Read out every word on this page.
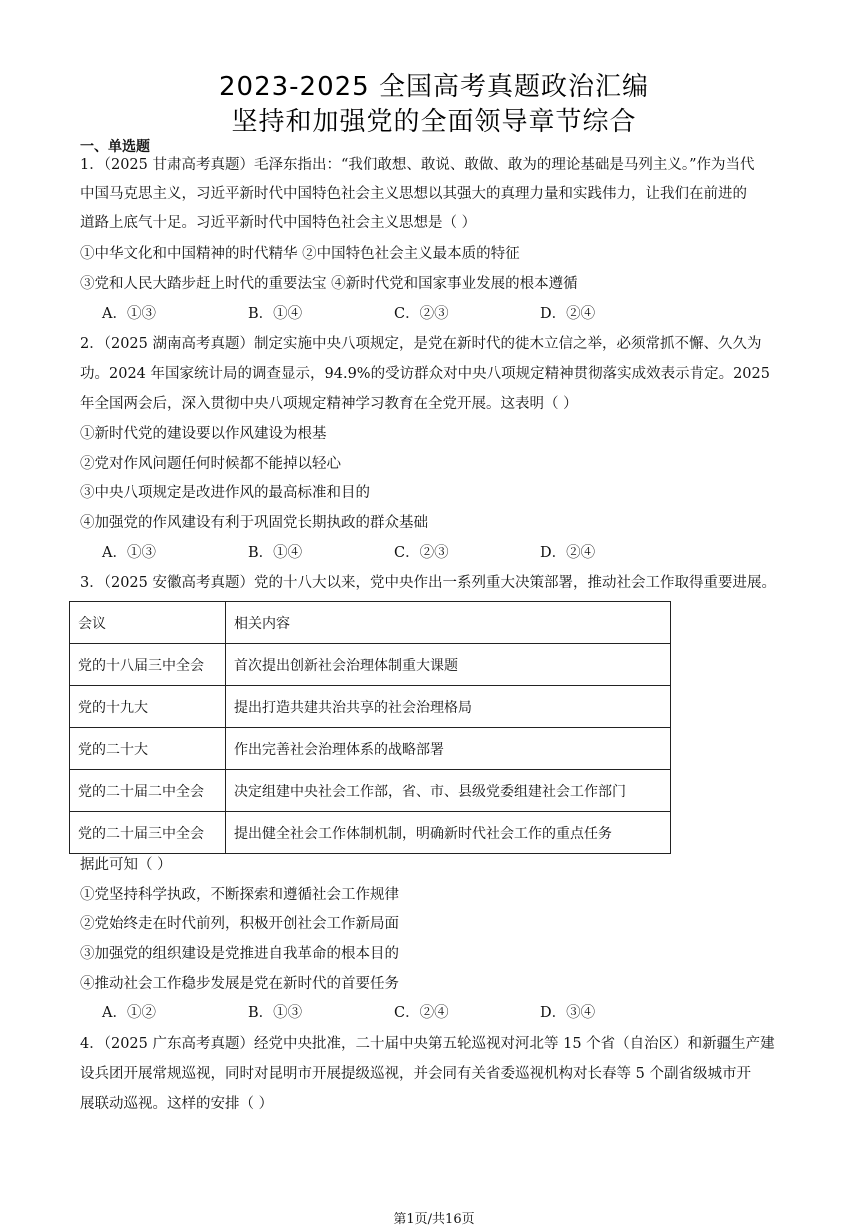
2023-2025 全国高考真题政治汇编
坚持和加强党的全面领导章节综合
一、单选题
1．（2025 甘肃高考真题）毛泽东指出：“我们敢想、敢说、敢做、敢为的理论基础是马列主义。”作为当代
中国马克思主义，习近平新时代中国特色社会主义思想以其强大的真理力量和实践伟力，让我们在前进的
道路上底气十足。习近平新时代中国特色社会主义思想是（ ）
①中华文化和中国精神的时代精华 ②中国特色社会主义最本质的特征
③党和人民大踏步赶上时代的重要法宝 ④新时代党和国家事业发展的根本遵循
A．①③	B．①④	C．②③	D．②④
2．（2025 湖南高考真题）制定实施中央八项规定，是党在新时代的徙木立信之举，必须常抓不懈、久久为
功。2024 年国家统计局的调查显示，94.9%的受访群众对中央八项规定精神贯彻落实成效表示肯定。2025
年全国两会后，深入贯彻中央八项规定精神学习教育在全党开展。这表明（ ）
①新时代党的建设要以作风建设为根基
②党对作风问题任何时候都不能掉以轻心
③中央八项规定是改进作风的最高标准和目的
④加强党的作风建设有利于巩固党长期执政的群众基础
A．①③	B．①④	C．②③	D．②④
3．（2025 安徽高考真题）党的十八大以来，党中央作出一系列重大决策部署，推动社会工作取得重要进展。
会议	相关内容
党的十八届三中全会	首次提出创新社会治理体制重大课题
党的十九大	提出打造共建共治共享的社会治理格局
党的二十大	作出完善社会治理体系的战略部署
党的二十届二中全会	决定组建中央社会工作部，省、市、县级党委组建社会工作部门
党的二十届三中全会	提出健全社会工作体制机制，明确新时代社会工作的重点任务
据此可知（ ）
①党坚持科学执政，不断探索和遵循社会工作规律
②党始终走在时代前列，积极开创社会工作新局面
③加强党的组织建设是党推进自我革命的根本目的
④推动社会工作稳步发展是党在新时代的首要任务
A．①②	B．①③	C．②④	D．③④
4．（2025 广东高考真题）经党中央批准，二十届中央第五轮巡视对河北等 15 个省（自治区）和新疆生产建
设兵团开展常规巡视，同时对昆明市开展提级巡视，并会同有关省委巡视机构对长春等 5 个副省级城市开
展联动巡视。这样的安排（ ）
第1页/共16页
